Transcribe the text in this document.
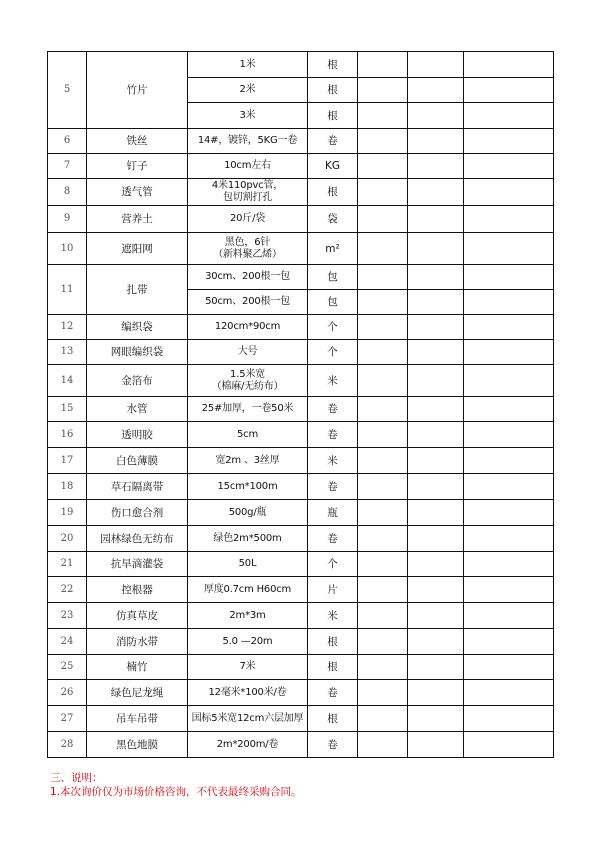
5	竹片	1米	根			

		2米	根			

		3米	根			
6	铁丝	14#，镀锌，5KG一卷	卷			
7	钉子	10cm左右	KG			
8	透气管	4米110pvc管，
包切割打孔	根			
9	营养土	20斤/袋	袋			
10	遮阳网	黑色，6针
（新料聚乙烯）	m²			
11	扎带	30cm、200根一包	包			

		50cm、200根一包	包			
12	编织袋	120cm*90cm	个			
13	网眼编织袋	大号	个			
14	金箔布	1.5米宽
（棉麻/无纺布）	米			
15	水管	25#加厚，一卷50米	卷			
16	透明胶	5cm	卷			
17	白色薄膜	宽2m 、3丝厚	米			
18	草石隔离带	15cm*100m	卷			
19	伤口愈合剂	500g/瓶	瓶			
20	园林绿色无纺布	绿色2m*500m	卷			
21	抗旱滴灌袋	50L	个			
22	控根器	厚度0.7cm H60cm	片			
23	仿真草皮	2m*3m	米			
24	消防水带	5.0 —20m	根			
25	楠竹	7米	根			
26	绿色尼龙绳	12毫米*100米/卷	卷			
27	吊车吊带	国标5米宽12cm六层加厚	根			
28	黑色地膜	2m*200m/卷	卷			
三、说明：
1.本次询价仅为市场价格咨询，不代表最终采购合同。
